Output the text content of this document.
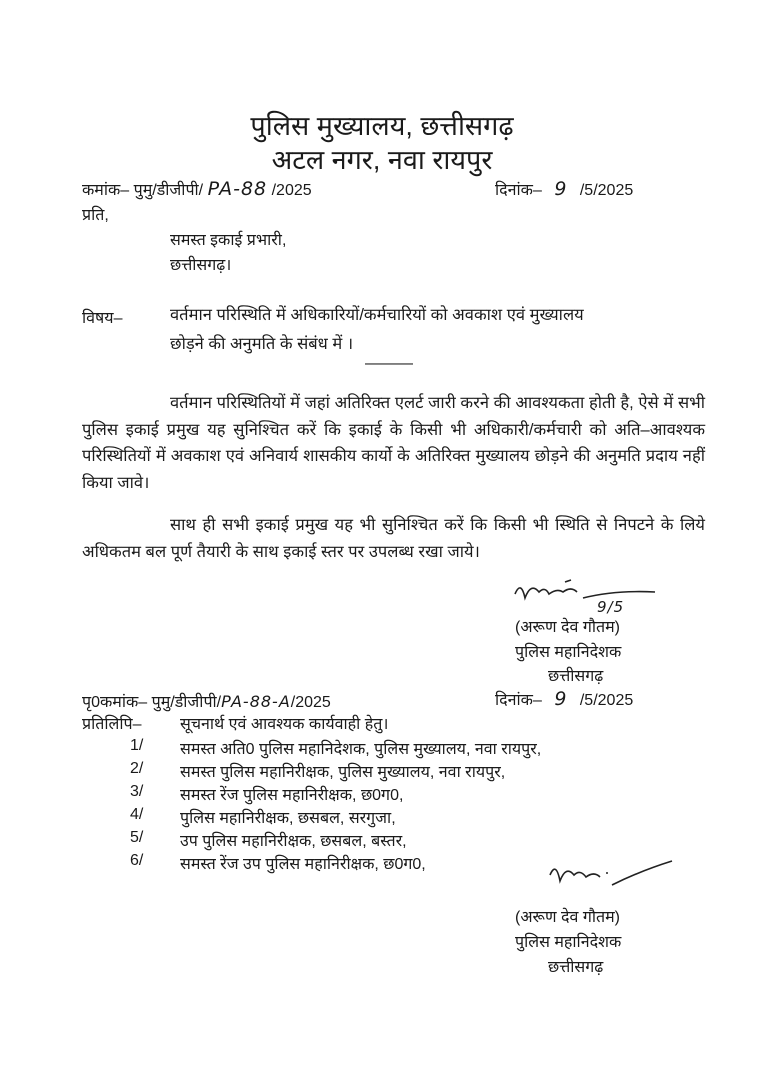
पुलिस मुख्यालय, छत्तीसगढ़
अटल नगर, नवा रायपुर
कमांक– पुमु/डीजीपी/ PA-88 /2025	दिनांक– 9 /5/2025
प्रति,
समस्त इकाई प्रभारी,
छत्तीसगढ़।
विषय–	वर्तमान परिस्थिति में अधिकारियों/कर्मचारियों को अवकाश एवं मुख्यालय
छोड़ने की अनुमति के संबंध में ।
———
वर्तमान परिस्थितियों में जहां अतिरिक्त एलर्ट जारी करने की आवश्यकता होती है, ऐसे में सभी पुलिस इकाई प्रमुख यह सुनिश्चित करें कि इकाई के किसी भी अधिकारी/कर्मचारी को अति–आवश्यक परिस्थितियों में अवकाश एवं अनिवार्य शासकीय कार्यो के अतिरिक्त मुख्यालय छोड़ने की अनुमति प्रदाय नहीं किया जावे।
साथ ही सभी इकाई प्रमुख यह भी सुनिश्चित करें कि किसी भी स्थिति से निपटने के लिये अधिकतम बल पूर्ण तैयारी के साथ इकाई स्तर पर उपलब्ध रखा जाये।
9/5
(अरूण देव गौतम)
पुलिस महानिदेशक
छत्तीसगढ़
पृ0कमांक– पुमु/डीजीपी/PA-88-A/2025	दिनांक– 9 /5/2025
प्रतिलिपि– सूचनार्थ एवं आवश्यक कार्यवाही हेतु।
1/ समस्त अति0 पुलिस महानिदेशक, पुलिस मुख्यालय, नवा रायपुर,
2/ समस्त पुलिस महानिरीक्षक, पुलिस मुख्यालय, नवा रायपुर,
3/ समस्त रेंज पुलिस महानिरीक्षक, छ0ग0,
4/ पुलिस महानिरीक्षक, छसबल, सरगुजा,
5/ उप पुलिस महानिरीक्षक, छसबल, बस्तर,
6/ समस्त रेंज उप पुलिस महानिरीक्षक, छ0ग0,
(अरूण देव गौतम)
पुलिस महानिदेशक
छत्तीसगढ़
